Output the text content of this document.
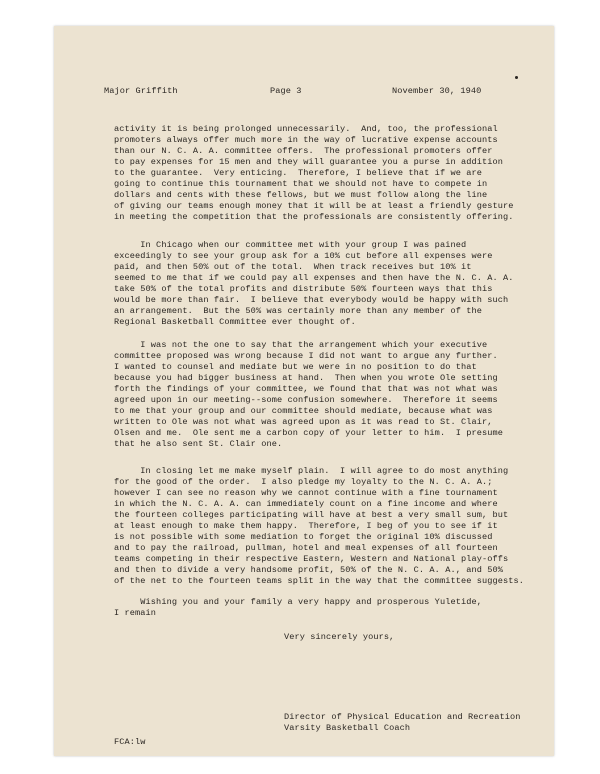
Major Griffith	Page 3	November 30, 1940
activity it is being prolonged unnecessarily.  And, too, the professional
promoters always offer much more in the way of lucrative expense accounts
than our N. C. A. A. committee offers.  The professional promoters offer
to pay expenses for 15 men and they will guarantee you a purse in addition
to the guarantee.  Very enticing.  Therefore, I believe that if we are
going to continue this tournament that we should not have to compete in
dollars and cents with these fellows, but we must follow along the line
of giving our teams enough money that it will be at least a friendly gesture
in meeting the competition that the professionals are consistently offering.
In Chicago when our committee met with your group I was pained
exceedingly to see your group ask for a 10% cut before all expenses were
paid, and then 50% out of the total.  When track receives but 10% it
seemed to me that if we could pay all expenses and then have the N. C. A. A.
take 50% of the total profits and distribute 50% fourteen ways that this
would be more than fair.  I believe that everybody would be happy with such
an arrangement.  But the 50% was certainly more than any member of the
Regional Basketball Committee ever thought of.
I was not the one to say that the arrangement which your executive
committee proposed was wrong because I did not want to argue any further.
I wanted to counsel and mediate but we were in no position to do that
because you had bigger business at hand.  Then when you wrote Ole setting
forth the findings of your committee, we found that that was not what was
agreed upon in our meeting--some confusion somewhere.  Therefore it seems
to me that your group and our committee should mediate, because what was
written to Ole was not what was agreed upon as it was read to St. Clair,
Olsen and me.  Ole sent me a carbon copy of your letter to him.  I presume
that he also sent St. Clair one.
In closing let me make myself plain.  I will agree to do most anything
for the good of the order.  I also pledge my loyalty to the N. C. A. A.;
however I can see no reason why we cannot continue with a fine tournament
in which the N. C. A. A. can immediately count on a fine income and where
the fourteen colleges participating will have at best a very small sum, but
at least enough to make them happy.  Therefore, I beg of you to see if it
is not possible with some mediation to forget the original 10% discussed
and to pay the railroad, pullman, hotel and meal expenses of all fourteen
teams competing in their respective Eastern, Western and National play-offs
and then to divide a very handsome profit, 50% of the N. C. A. A., and 50%
of the net to the fourteen teams split in the way that the committee suggests.
Wishing you and your family a very happy and prosperous Yuletide,
I remain
Very sincerely yours,
Director of Physical Education and Recreation
Varsity Basketball Coach
FCA:lw
